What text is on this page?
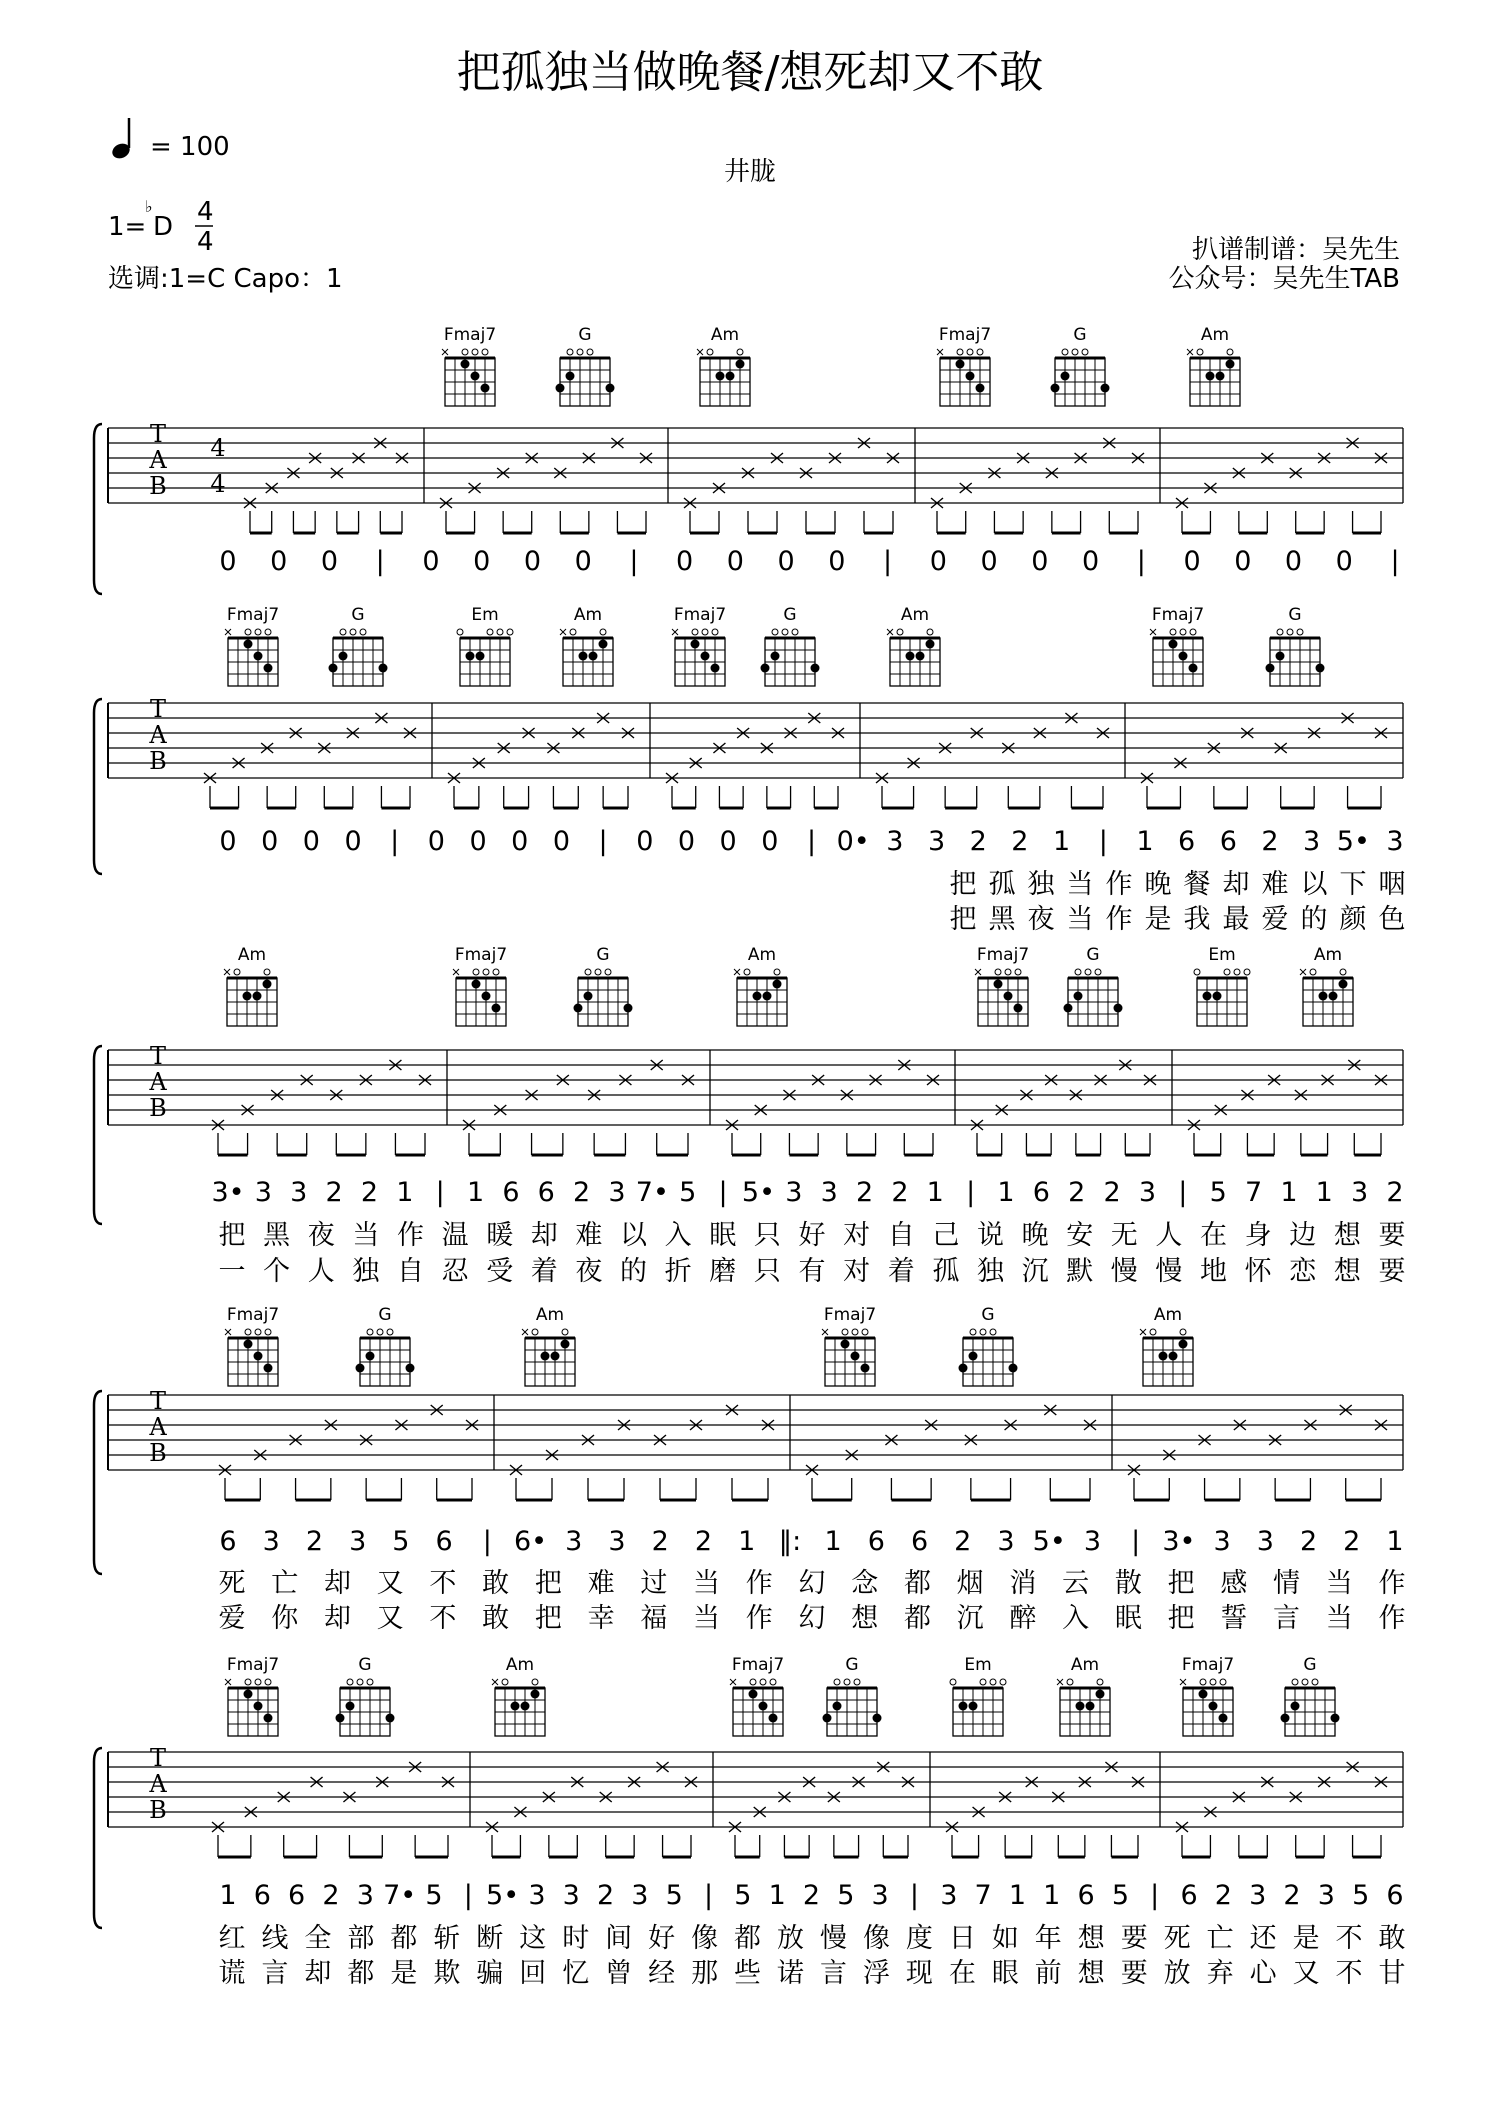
把孤独当做晚餐/想死却又不敢
= 100
井胧
1=
♭
D 4
4
选调:1=C Capo：1
扒谱制谱：吴先生
公众号：吴先生TAB
Fmaj7	G	Am	Fmaj7	G	Am
T
A
B
4
4
0 0 0 | 0 0 0 0 | 0 0 0 0 | 0 0 0 0 | 0 0 0 0 |
Fmaj7	G	Em	Am	Fmaj7	G	Am	Fmaj7	G
T
A
B
0 0 0 0 | 0 0 0 0 | 0 0 0 0 | 0• 3 3 2 2 1 | 1 6 6 2 3 5• 3
把 孤 独 当 作 晚 餐 却 难 以 下 咽
把 黑 夜 当 作 是 我 最 爱 的 颜 色
Am	Fmaj7	G	Am	Fmaj7	G	Em	Am
T
A
B
3• 3 3 2 2 1 | 1 6 6 2 3 7• 5 | 5• 3 3 2 2 1 | 1 6 2 2 3 | 5 7 1 1 3 2
把 黑 夜 当 作 温 暖 却 难 以 入 眠 只 好 对 自 己 说 晚 安 无 人 在 身 边 想 要
一 个 人 独 自 忍 受 着 夜 的 折 磨 只 有 对 着 孤 独 沉 默 慢 慢 地 怀 恋 想 要
Fmaj7	G	Am	Fmaj7	G	Am
T
A
B
6 3 2 3 5 6 | 6• 3 3 2 2 1 ‖: 1 6 6 2 3 5• 3 | 3• 3 3 2 2 1
死 亡 却 又 不 敢 把 难 过 当 作 幻 念 都 烟 消 云 散 把 感 情 当 作
爱 你 却 又 不 敢 把 幸 福 当 作 幻 想 都 沉 醉 入 眠 把 誓 言 当 作
Fmaj7	G	Am	Fmaj7	G	Em	Am	Fmaj7	G
T
A
B
1 6 6 2 3 7• 5 | 5• 3 3 2 3 5 | 5 1 2 5 3 | 3 7 1 1 6 5 | 6 2 3 2 3 5 6
红 线 全 部 都 斩 断 这 时 间 好 像 都 放 慢 像 度 日 如 年 想 要 死 亡 还 是 不 敢
谎 言 却 都 是 欺 骗 回 忆 曾 经 那 些 诺 言 浮 现 在 眼 前 想 要 放 弃 心 又 不 甘
